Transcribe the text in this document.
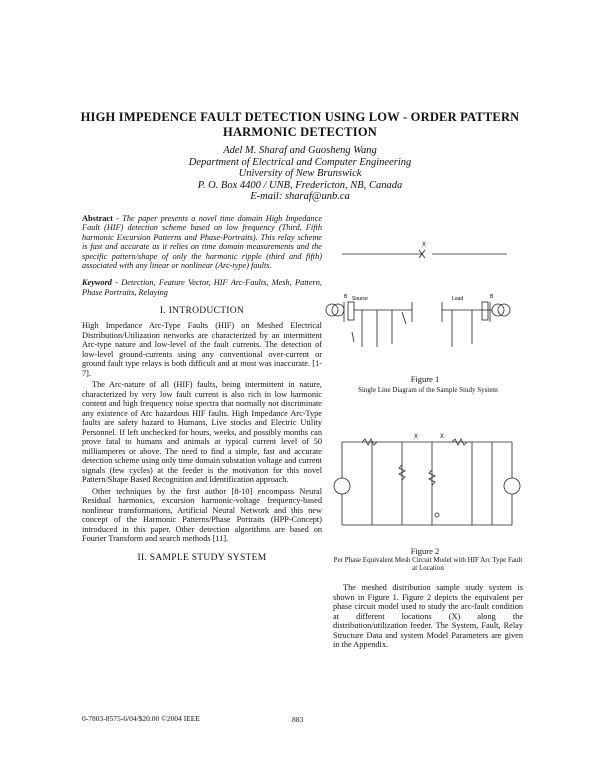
HIGH IMPEDENCE FAULT DETECTION USING LOW - ORDER PATTERN
HARMONIC DETECTION
Adel M. Sharaf and Guosheng Wang
Department of Electrical and Computer Engineering
University of New Brunswick
P. O. Box 4400 / UNB, Fredericton, NB, Canada
E-mail: sharaf@unb.ca

Abstract - The paper presents a novel time domain High Impedance Fault (HIF) detection scheme based on low frequency (Third, Fifth harmonic Excursion Patterns and Phase-Portraits). This relay scheme is fast and accurate as it relies on time domain measurements and the specific pattern/shape of only the harmonic ripple (third and fifth) associated with any linear or nonlinear (Arc-type) faults.

Keyword - Detection, Feature Vector, HIF Arc-Faults, Mesh, Pattern, Phase Portraits, Relaying

I. INTRODUCTION

High Impedance Arc-Type Faults (HIF) on Meshed Electrical Distribution/Utilization networks are characterized by an intermittent Arc-type nature and low-level of the fault currents. The detection of low-level ground-currents using any conventional over-current or ground fault type relays is both difficult and at most was inaccurate. [1-7].

The Arc-nature of all (HIF) faults, being intermittent in nature, characterized by very low fault current is also rich in low harmonic content and high frequency noise spectra that normally not discriminate any existence of Arc hazardous HIF faults. High Impedance Arc-Type faults are safety hazard to Humans, Live stocks and Electric Utility Personnel. If left unchecked for hours, weeks, and possibly months can prove fatal to humans and animals at typical current level of 50 milliamperes or above. The need to find a simple, fast and accurate detection scheme using only time domain substation voltage and current signals (few cycles) at the feeder is the motivation for this novel Pattern/Shape Based Recognition and Identification approach.

Other techniques by the first author [8-10] encompass Neural Residual harmonics, excursion harmonic-voltage frequency-based nonlinear transformations, Artificial Neural Network and this new concept of the Harmonic Patterns/Phase Portraits (HPP-Concept) introduced in this paper. Other detection algorithms are based on Fourier Transform and search methods [11].

II. SAMPLE STUDY SYSTEM
X
B	B
Source	Load
Figure 1
Single Line Diagram of the Sample Study System
X	X
Figure 2
Per Phase Equivalent Mesh Circuit Model with HIF Arc Type Fault at Location

The meshed distribution sample study system is shown in Figure 1. Figure 2 depicts the equivalent per phase circuit model used to study the arc-fault condition at different locations (X) along the distribution/utilization feeder. The System, Fault, Relay Structure Data and system Model Parameters are given in the Appendix.

0-7803-8575-6/04/$20.00 ©2004 IEEE	883
